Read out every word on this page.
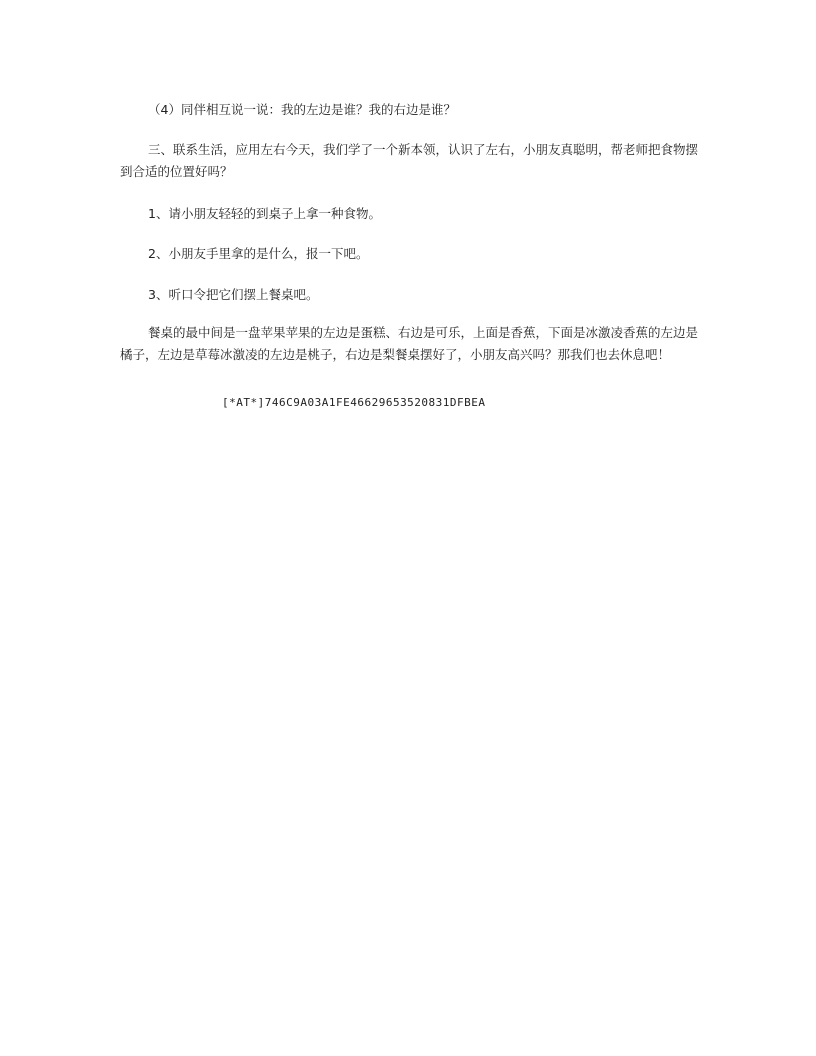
（4）同伴相互说一说：我的左边是谁？我的右边是谁？

三、联系生活，应用左右今天，我们学了一个新本领，认识了左右，小朋友真聪明，帮老师把食物摆到合适的位置好吗？

1、请小朋友轻轻的到桌子上拿一种食物。

2、小朋友手里拿的是什么，报一下吧。

3、听口令把它们摆上餐桌吧。

餐桌的最中间是一盘苹果苹果的左边是蛋糕、右边是可乐，上面是香蕉，下面是冰激凌香蕉的左边是橘子，左边是草莓冰激凌的左边是桃子，右边是梨餐桌摆好了，小朋友高兴吗？那我们也去休息吧！

[*AT*]746C9A03A1FE46629653520831DFBEA
